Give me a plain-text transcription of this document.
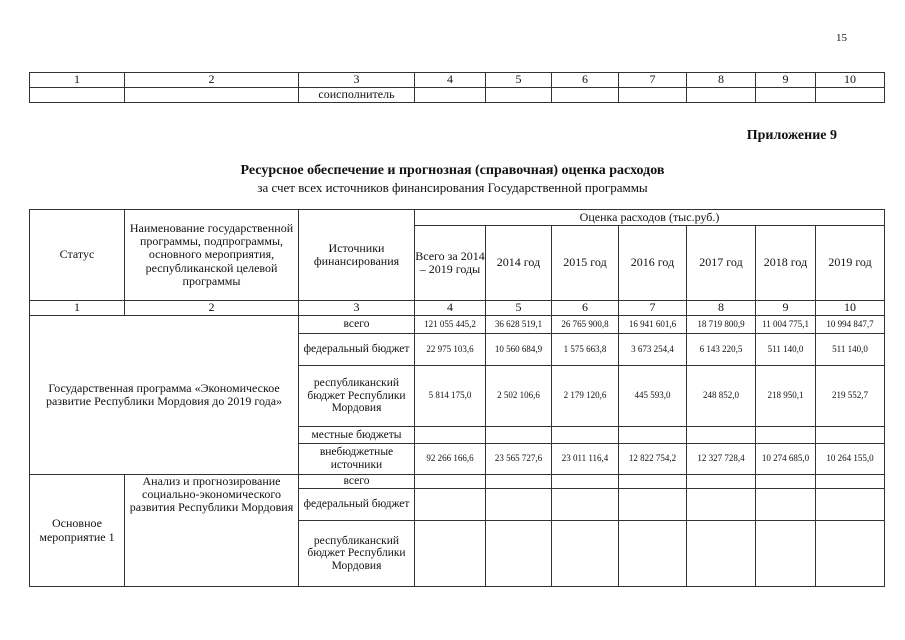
15
1	2	3	4	5	6	7	8	9	10
		соисполнитель							
Приложение 9
Ресурсное обеспечение и прогнозная (справочная) оценка расходов
за счет всех источников финансирования Государственной программы
Статус	Наименование государственной программы, подпрограммы, основного мероприятия, республиканской целевой программы	Источники финансирования	Оценка расходов (тыс.руб.)						
			Всего за 2014 – 2019 годы	2014 год	2015 год	2016 год	2017 год	2018 год	2019 год
1	2	3	4	5	6	7	8	9	10
Государственная программа «Экономическое развитие Республики Мордовия до 2019 года»		всего	121 055 445,2	36 628 519,1	26 765 900,8	16 941 601,6	18 719 800,9	11 004 775,1	10 994 847,7
		федеральный бюджет	22 975 103,6	10 560 684,9	1 575 663,8	3 673 254,4	6 143 220,5	511 140,0	511 140,0
		республиканский бюджет Республики Мордовия	5 814 175,0	2 502 106,6	2 179 120,6	445 593,0	248 852,0	218 950,1	219 552,7
		местные бюджеты							
		внебюджетные источники	92 266 166,6	23 565 727,6	23 011 116,4	12 822 754,2	12 327 728,4	10 274 685,0	10 264 155,0
Основное мероприятие 1	Анализ и прогнозирование социально-экономического развития Республики Мордовия	всего							
		федеральный бюджет							
		республиканский бюджет Республики Мордовия							
